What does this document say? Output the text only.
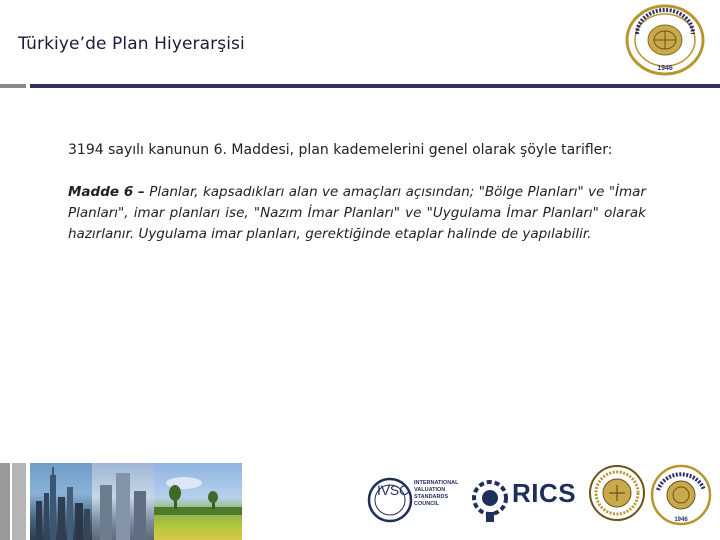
Türkiye’de Plan Hiyerarşisi
1946
3194 sayılı kanunun 6. Maddesi, plan kademelerini genel olarak şöyle tarifler:
Madde 6 – Planlar, kapsadıkları alan ve amaçları açısından; "Bölge Planları" ve "İmar Planları", imar planları ise, "Nazım İmar Planları" ve "Uygulama İmar Planları" olarak hazırlanır. Uygulama imar planları, gerektiğinde etaplar halinde de yapılabilir.
IVSC INTERNATIONAL
VALUATION
STANDARDS
COUNCIL	RICS
1946
